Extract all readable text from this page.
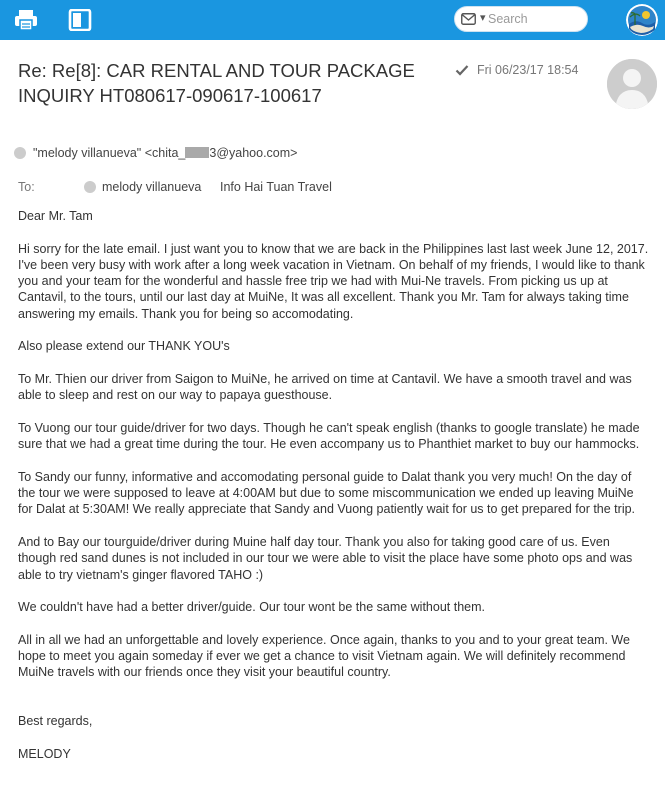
▾
Search
Re: Re[8]: CAR RENTAL AND TOUR PACKAGE INQUIRY HT080617-090617-100617
Fri 06/23/17 18:54
"melody villanueva" <chita_ 3@yahoo.com>
To:	melody villanueva Info Hai Tuan Travel

Dear Mr. Tam

Hi sorry for the late email. I just want you to know that we are back in the Philippines last last week June 12, 2017. I've been very busy with work after a long week vacation in Vietnam. On behalf of my friends, I would like to thank you and your team for the wonderful and hassle free trip we had with Mui-Ne travels. From picking us up at Cantavil, to the tours, until our last day at MuiNe, It was all excellent. Thank you Mr. Tam for always taking time answering my emails. Thank you for being so accomodating.

Also please extend our THANK YOU's

To Mr. Thien our driver from Saigon to MuiNe, he arrived on time at Cantavil. We have a smooth travel and was able to sleep and rest on our way to papaya guesthouse.

To Vuong our tour guide/driver for two days. Though he can't speak english (thanks to google translate) he made sure that we had a great time during the tour. He even accompany us to Phanthiet market to buy our hammocks.

To Sandy our funny, informative and accomodating personal guide to Dalat thank you very much! On the day of the tour we were supposed to leave at 4:00AM but due to some miscommunication we ended up leaving MuiNe for Dalat at 5:30AM! We really appreciate that Sandy and Vuong patiently wait for us to get prepared for the trip.

And to Bay our tourguide/driver during Muine half day tour. Thank you also for taking good care of us. Even though red sand dunes is not included in our tour we were able to visit the place have some photo ops and was able to try vietnam's ginger flavored TAHO :)

We couldn't have had a better driver/guide. Our tour wont be the same without them.

All in all we had an unforgettable and lovely experience. Once again, thanks to you and to your great team. We hope to meet you again someday if ever we get a chance to visit Vietnam again. We will definitely recommend MuiNe travels with our friends once they visit your beautiful country.

Best regards,

MELODY
